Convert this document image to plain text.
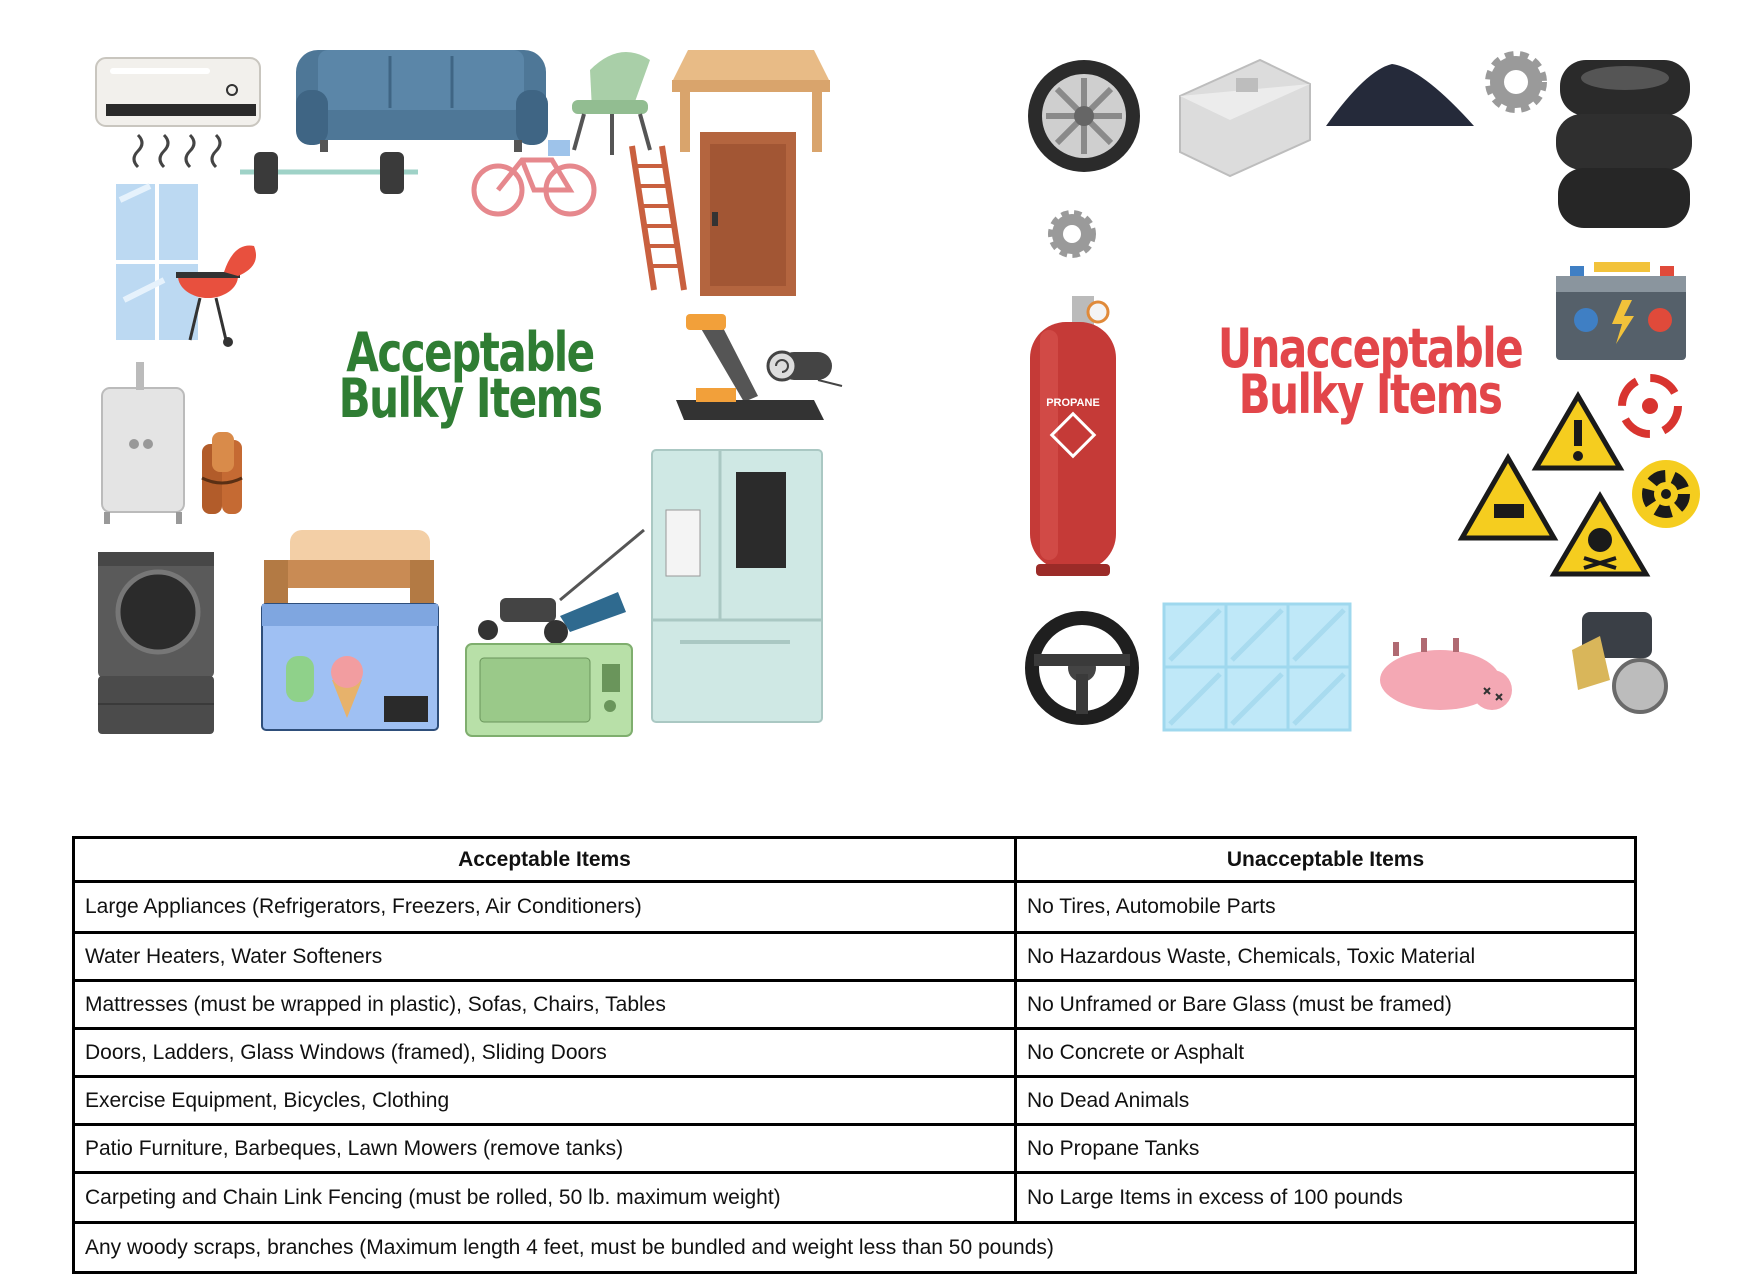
PROPANE
Acceptable
Bulky Items
Unacceptable
Bulky Items
Acceptable Items	Unacceptable Items
Large Appliances (Refrigerators, Freezers, Air Conditioners)	No Tires, Automobile Parts
Water Heaters, Water Softeners	No Hazardous Waste, Chemicals, Toxic Material
Mattresses (must be wrapped in plastic), Sofas, Chairs, Tables	No Unframed or Bare Glass (must be framed)
Doors, Ladders, Glass Windows (framed), Sliding Doors	No Concrete or Asphalt
Exercise Equipment, Bicycles, Clothing	No Dead Animals
Patio Furniture, Barbeques, Lawn Mowers (remove tanks)	No Propane Tanks
Carpeting and Chain Link Fencing (must be rolled, 50 lb. maximum weight)	No Large Items in excess of 100 pounds
Any woody scraps, branches (Maximum length 4 feet, must be bundled and weight less than 50 pounds)	
